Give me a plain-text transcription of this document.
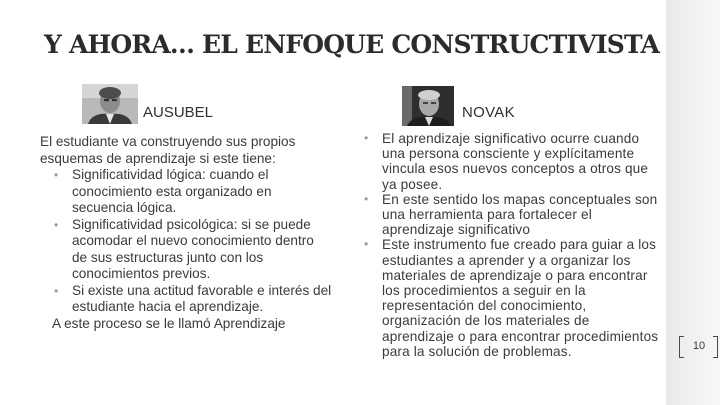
Y AHORA… EL ENFOQUE CONSTRUCTIVISTA
AUSUBEL	NOVAK

El estudiante va construyendo sus propios esquemas de aprendizaje si este tiene:

• Significatividad lógica: cuando el conocimiento esta organizado en secuencia lógica.
• Significatividad psicológica: si se puede acomodar el nuevo conocimiento dentro de sus estructuras junto con los conocimientos previos.
• Si existe una actitud favorable e interés del estudiante hacia el aprendizaje.

A este proceso se le llamó Aprendizaje

• El aprendizaje significativo ocurre cuando una persona consciente y explícitamente vincula esos nuevos conceptos a otros que ya posee.
• En este sentido los mapas conceptuales son una herramienta para fortalecer el aprendizaje significativo
• Este instrumento fue creado para guiar a los estudiantes a aprender y a organizar los materiales de aprendizaje o para encontrar los procedimientos a seguir en la representación del conocimiento, organización de los materiales de aprendizaje o para encontrar procedimientos para la solución de problemas.	10
